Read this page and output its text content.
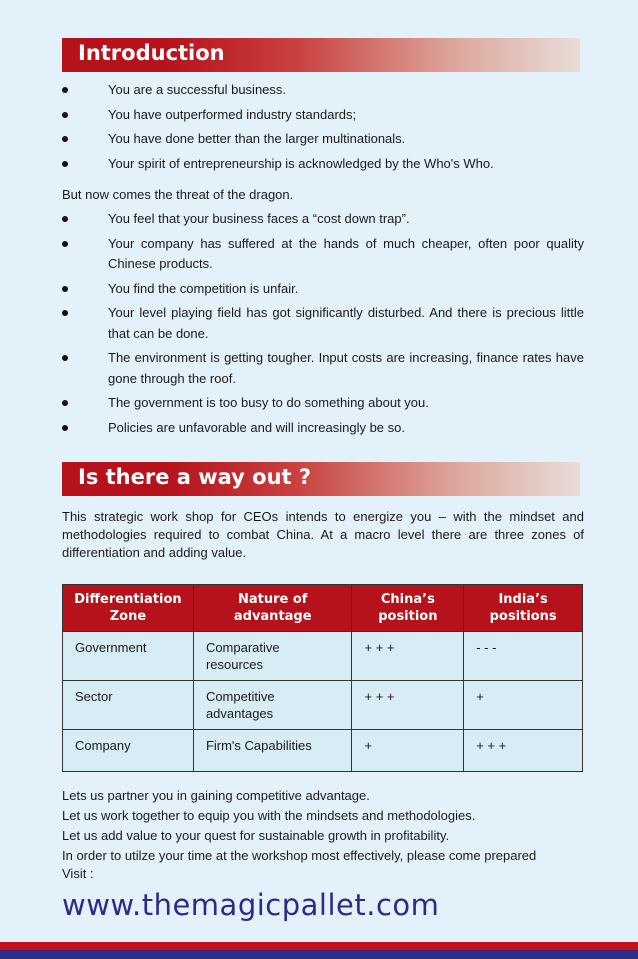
Introduction
You are a successful business.
You have outperformed industry standards;
You have done better than the larger multinationals.
Your spirit of entrepreneurship is acknowledged by the Who's Who.

But now comes the threat of the dragon.

You feel that your business faces a “cost down trap”.
Your company has suffered at the hands of much cheaper, often poor quality Chinese products.
You find the competition is unfair.
Your level playing field has got significantly disturbed. And there is precious little that can be done.
The environment is getting tougher. Input costs are increasing, finance rates have gone through the roof.
The government is too busy to do something about you.
Policies are unfavorable and will increasingly be so.
Is there a way out ?

This strategic work shop for CEOs intends to energize you – with the mindset and methodologies required to combat China. At a macro level there are three zones of differentiation and adding value.

Differentiation Zone	Nature of advantage	China’s position	India’s positions
Government	Comparative resources	+ + +	- - -
Sector	Competitive advantages	+ + +	+
Company	Firm's Capabilities	+	+ + +
Lets us partner you in gaining competitive advantage.
Let us work together to equip you with the mindsets and methodologies.
Let us add value to your quest for sustainable growth in profitability.
In order to utilze your time at the workshop most effectively, please come prepared
Visit :
www.themagicpallet.com
